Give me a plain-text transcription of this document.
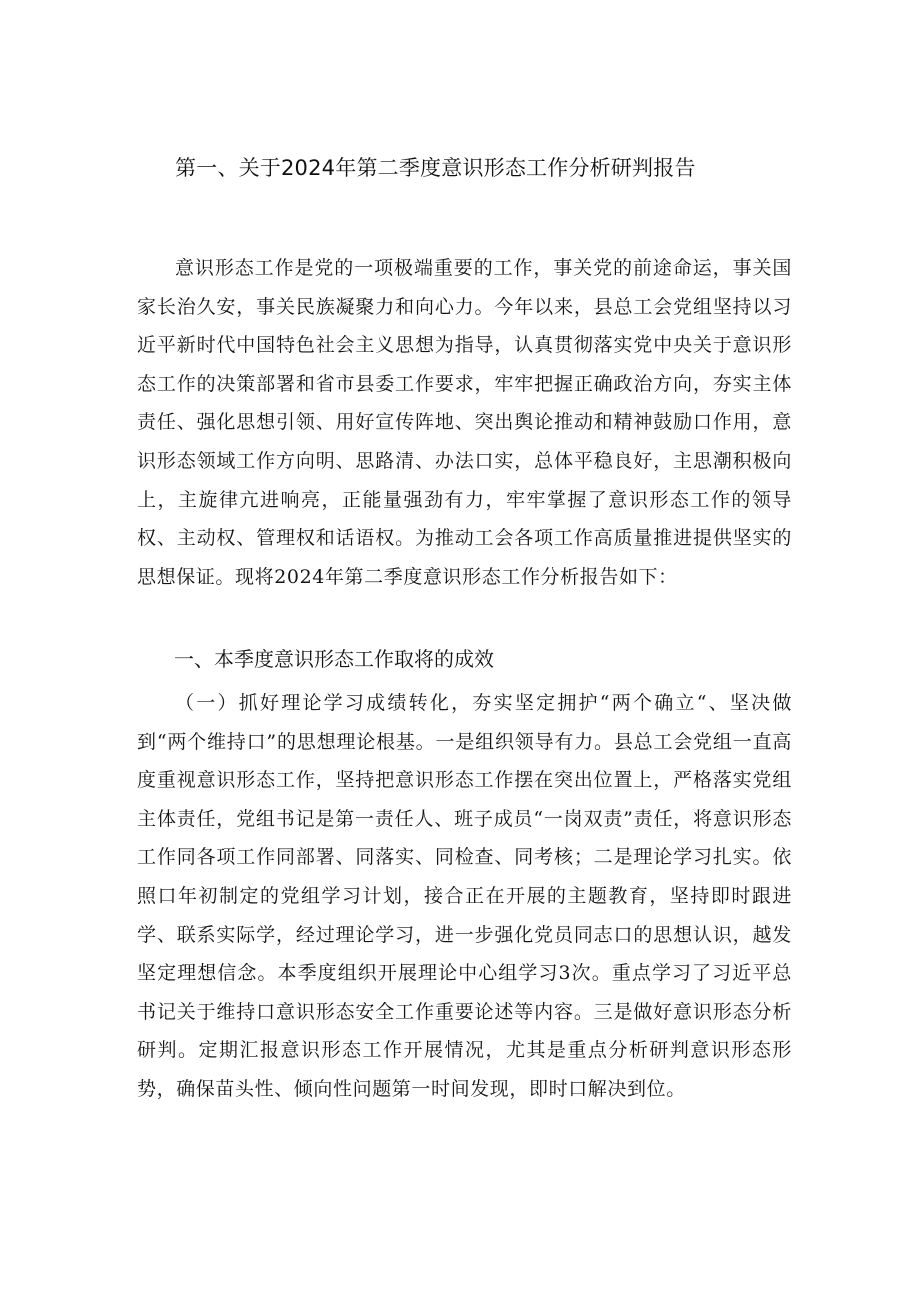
第一、关于2024年第二季度意识形态工作分析研判报告

意识形态工作是党的一项极端重要的工作，事关党的前途命运，事关国家长治久安，事关民族凝聚力和向心力。今年以来，县总工会党组坚持以习近平新时代中国特色社会主义思想为指导，认真贯彻落实党中央关于意识形态工作的决策部署和省市县委工作要求，牢牢把握正确政治方向，夯实主体责任、强化思想引领、用好宣传阵地、突出舆论推动和精神鼓励口作用，意识形态领域工作方向明、思路清、办法口实，总体平稳良好，主思潮积极向上，主旋律亢进响亮，正能量强劲有力，牢牢掌握了意识形态工作的领导权、主动权、管理权和话语权。为推动工会各项工作高质量推进提供坚实的思想保证。现将2024年第二季度意识形态工作分析报告如下：

一、本季度意识形态工作取将的成效

（一）抓好理论学习成绩转化，夯实坚定拥护“两个确立“、坚决做到“两个维持口”的思想理论根基。一是组织领导有力。县总工会党组一直高度重视意识形态工作，坚持把意识形态工作摆在突出位置上，严格落实党组主体责任，党组书记是第一责任人、班子成员“一岗双责”责任，将意识形态工作同各项工作同部署、同落实、同检查、同考核；二是理论学习扎实。依照口年初制定的党组学习计划，接合正在开展的主题教育，坚持即时跟进学、联系实际学，经过理论学习，进一步强化党员同志口的思想认识，越发坚定理想信念。本季度组织开展理论中心组学习3次。重点学习了习近平总书记关于维持口意识形态安全工作重要论述等内容。三是做好意识形态分析研判。定期汇报意识形态工作开展情况，尤其是重点分析研判意识形态形势，确保苗头性、倾向性问题第一时间发现，即时口解决到位。
